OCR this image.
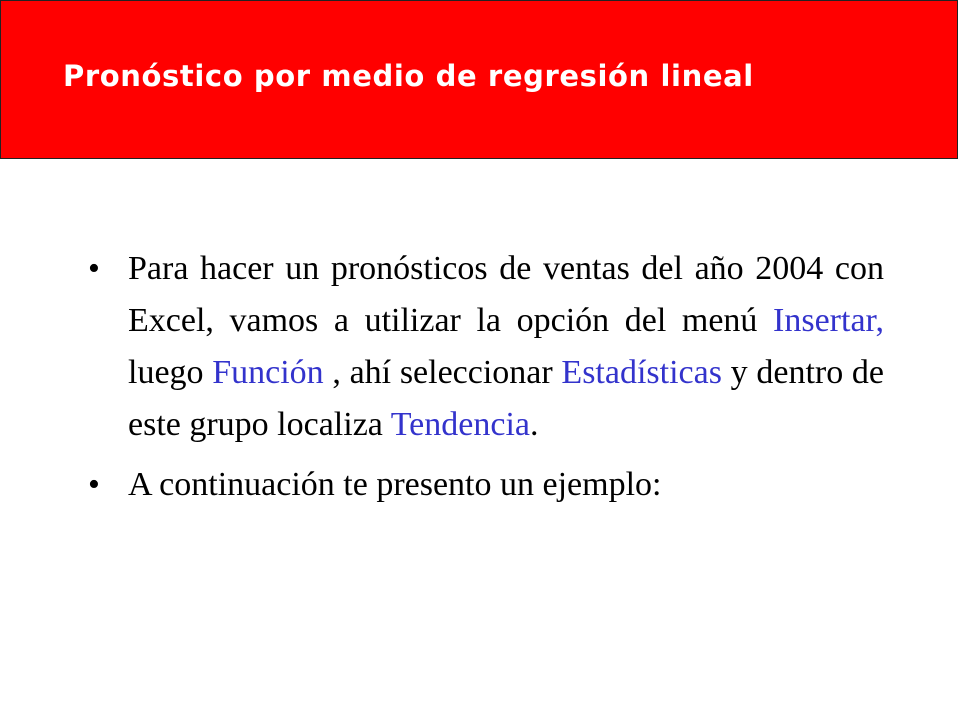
Pronóstico por medio de regresión lineal
• Para hacer un pronósticos de ventas del año 2004 con Excel, vamos a utilizar la opción del menú Insertar, luego Función , ahí seleccionar Estadísticas y dentro de este grupo localiza Tendencia.
• A continuación te presento un ejemplo:
